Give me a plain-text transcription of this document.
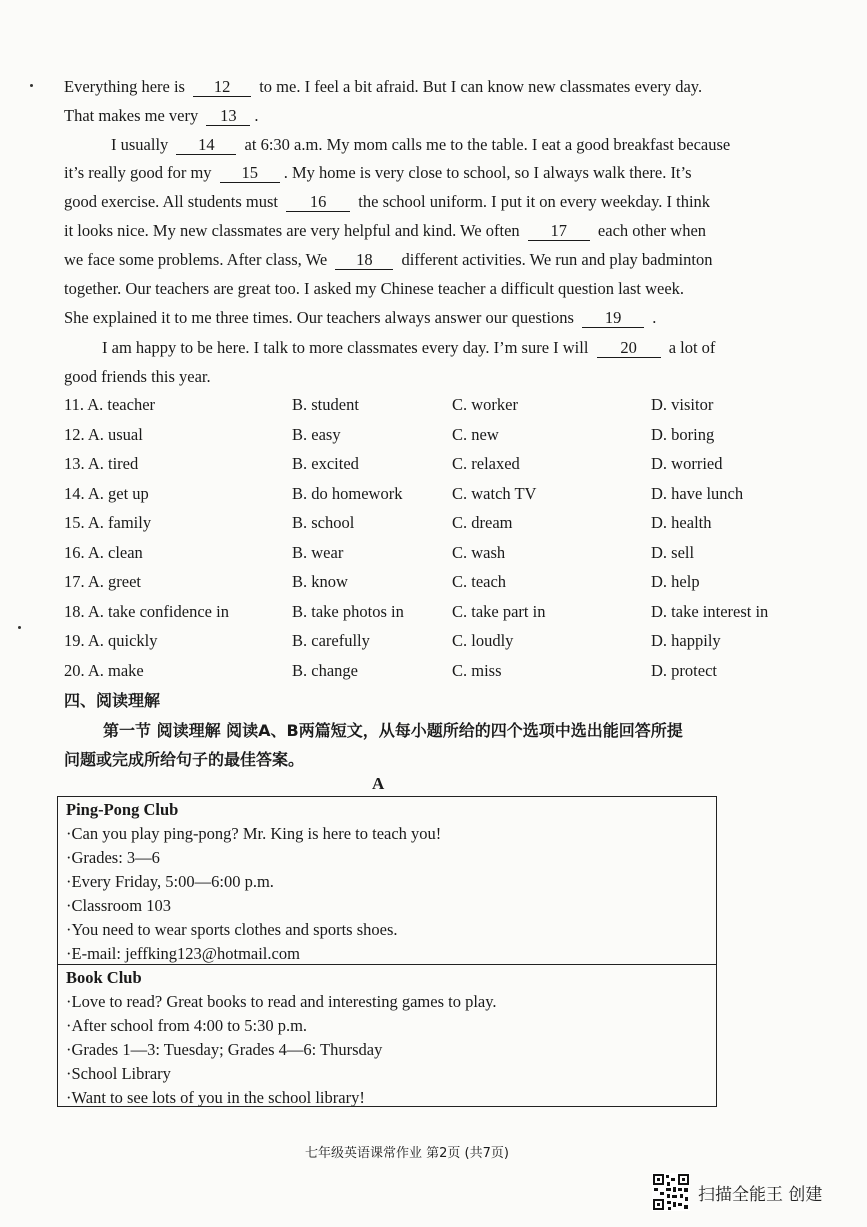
Everything here is 12 to me. I feel a bit afraid. But I can know new classmates every day.
That makes me very 13 .
I usually 14 at 6:30 a.m. My mom calls me to the table. I eat a good breakfast because
it’s really good for my 15 . My home is very close to school, so I always walk there. It’s
good exercise. All students must 16 the school uniform. I put it on every weekday. I think
it looks nice. My new classmates are very helpful and kind. We often 17 each other when
we face some problems. After class, We 18 different activities. We run and play badminton
together. Our teachers are great too. I asked my Chinese teacher a difficult question last week.
She explained it to me three times. Our teachers always answer our questions 19 .
I am happy to be here. I talk to more classmates every day. I’m sure I will 20 a lot of
good friends this year.
11. A. teacher	B. student	C. worker	D. visitor
12. A. usual	B. easy	C. new	D. boring
13. A. tired	B. excited	C. relaxed	D. worried
14. A. get up	B. do homework	C. watch TV	D. have lunch
15. A. family	B. school	C. dream	D. health
16. A. clean	B. wear	C. wash	D. sell
17. A. greet	B. know	C. teach	D. help
18. A. take confidence in	B. take photos in	C. take part in	D. take interest in
19. A. quickly	B. carefully	C. loudly	D. happily
20. A. make	B. change	C. miss	D. protect
四、阅读理解
第一节 阅读理解 阅读A、B两篇短文，从每小题所给的四个选项中选出能回答所提
问题或完成所给句子的最佳答案。
A
Ping-Pong Club
·Can you play ping-pong? Mr. King is here to teach you!
·Grades: 3—6
·Every Friday, 5:00—6:00 p.m.
·Classroom 103
·You need to wear sports clothes and sports shoes.
·E-mail: jeffking123@hotmail.com
Book Club
·Love to read? Great books to read and interesting games to play.
·After school from 4:00 to 5:30 p.m.
·Grades 1—3: Tuesday; Grades 4—6: Thursday
·School Library
·Want to see lots of you in the school library!
七年级英语课常作业 第2页 (共7页)
扫描全能王 创建
